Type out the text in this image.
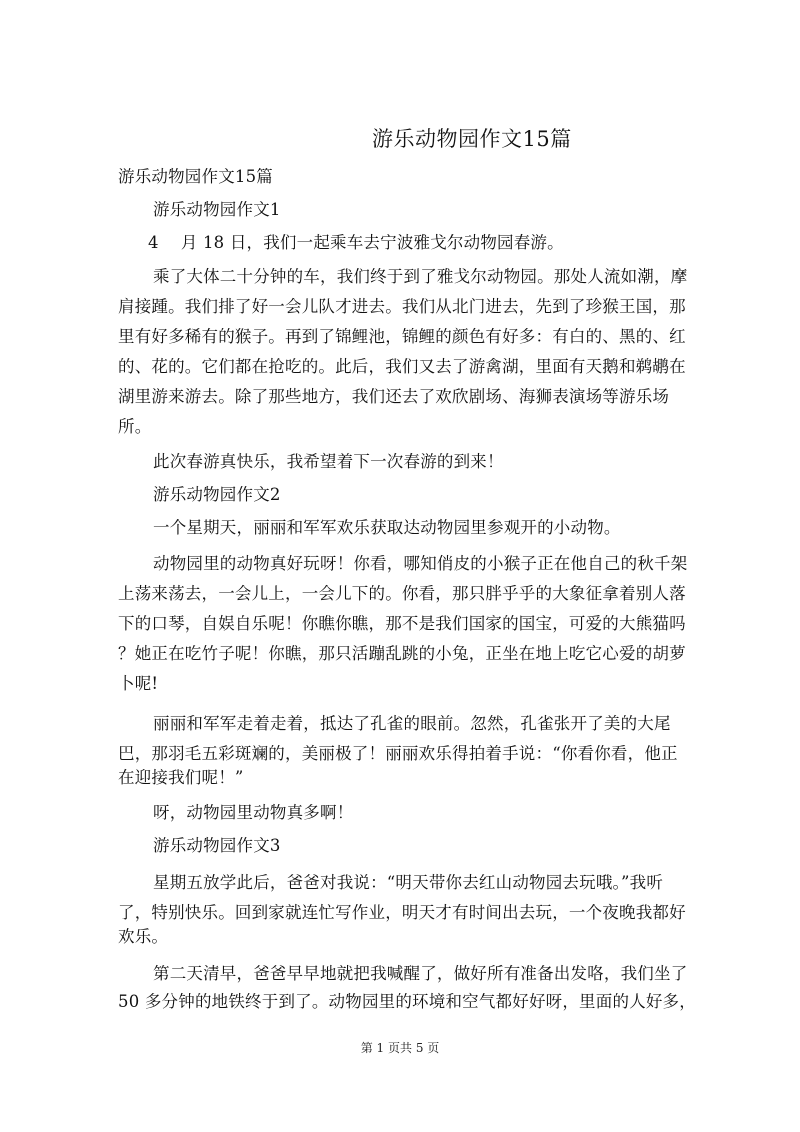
游乐动物园作文15篇
游乐动物园作文15篇
游乐动物园作文1
4　 月 18 日，我们一起乘车去宁波雅戈尔动物园春游。
乘了大体二十分钟的车，我们终于到了雅戈尔动物园。那处人流如潮，摩
肩接踵。我们排了好一会儿队才进去。我们从北门进去，先到了珍猴王国，那
里有好多稀有的猴子。再到了锦鲤池，锦鲤的颜色有好多：有白的、黑的、红
的、花的。它们都在抢吃的。此后，我们又去了游禽湖，里面有天鹅和鹈鹕在
湖里游来游去。除了那些地方，我们还去了欢欣剧场、海狮表演场等游乐场
所。
此次春游真快乐，我希望着下一次春游的到来！
游乐动物园作文2
一个星期天，丽丽和军军欢乐获取达动物园里参观开的小动物。
动物园里的动物真好玩呀！你看，哪知俏皮的小猴子正在他自己的秋千架
上荡来荡去，一会儿上，一会儿下的。你看，那只胖乎乎的大象征拿着别人落
下的口琴，自娱自乐呢！你瞧你瞧，那不是我们国家的国宝，可爱的大熊猫吗
？她正在吃竹子呢！你瞧，那只活蹦乱跳的小兔，正坐在地上吃它心爱的胡萝
卜呢!
丽丽和军军走着走着，抵达了孔雀的眼前。忽然，孔雀张开了美的大尾
巴，那羽毛五彩斑斓的，美丽极了！丽丽欢乐得拍着手说：“你看你看，他正
在迎接我们呢！”
呀，动物园里动物真多啊！
游乐动物园作文3
星期五放学此后，爸爸对我说：“明天带你去红山动物园去玩哦。”我听
了，特别快乐。回到家就连忙写作业，明天才有时间出去玩，一个夜晚我都好
欢乐。
第二天清早，爸爸早早地就把我喊醒了，做好所有准备出发咯，我们坐了
50 多分钟的地铁终于到了。动物园里的环境和空气都好好呀，里面的人好多，
第 1 页共 5 页
